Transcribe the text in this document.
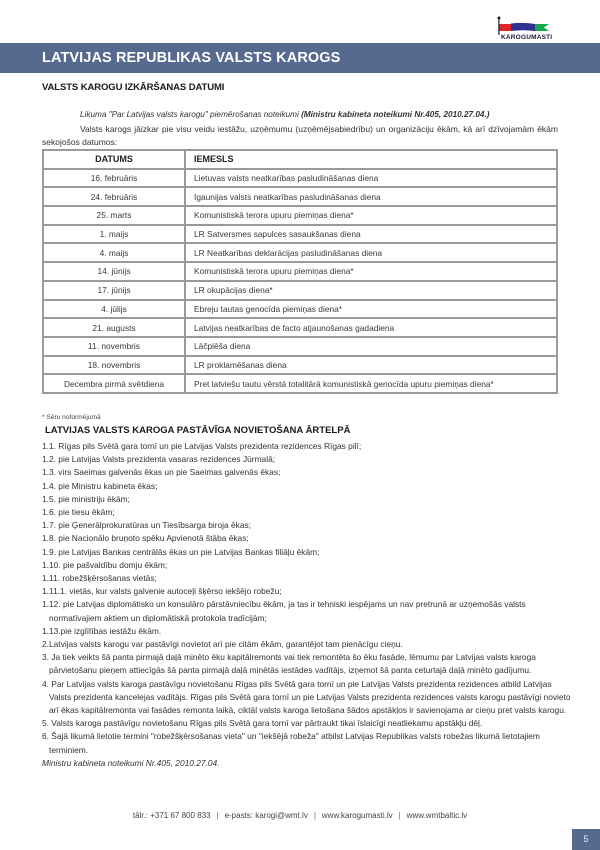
KAROGUMASTI
LATVIJAS REPUBLIKAS VALSTS KAROGS
VALSTS KAROGU IZKĀRŠANAS DATUMI
Likuma "Par Latvijas valsts karogu" piemērošanas noteikumi (Ministru kabineta noteikumi Nr.405, 2010.27.04.)
Valsts karogs jāizkar pie visu veidu iestāžu, uzņēmumu (uzņēmējsabiedrību) un organizāciju ēkām, kā arī dzīvojamām ēkām sekojošos datumos:
DATUMS	IEMESLS
16. februāris	Lietuvas valsts neatkarības pasludināšanas diena
24. februāris	Igaunijas valsts neatkarības pasludināšanas diena
25. marts	Komunistiskā terora upuru piemiņas diena*
1. maijs	LR Satversmes sapulces sasaukšanas diena
4. maijs	LR Neatkarības deklarācijas pasludināšanas diena
14. jūnijs	Komunistiskā terora upuru piemiņas diena*
17. jūnijs	LR okupācijas diena*
4. jūlijs	Ebreju tautas genocīda piemiņas diena*
21. augusts	Latvijas neatkarības de facto atjaunošanas gadadiena
11. novembris	Lāčplēša diena
18. novembris	LR proklamēšanas diena
Decembra pirmā svētdiena	Pret latviešu tautu vērstā totalitārā komunistiskā genocīda upuru piemiņas diena*
* Sēru noformējumā
LATVIJAS VALSTS KAROGA PASTĀVĪGA NOVIETOŠANA ĀRTELPĀ
1.1. Rīgas pils Svētā gara tornī un pie Latvijas Valsts prezidenta rezidences Rīgas pilī;
1.2. pie Latvijas Valsts prezidenta vasaras rezidences Jūrmalā;
1.3. virs Saeimas galvenās ēkas un pie Saeimas galvenās ēkas;
1.4. pie Ministru kabineta ēkas;
1.5. pie ministriju ēkām;
1.6. pie tiesu ēkām;
1.7. pie Ģenerālprokuratūras un Tiesībsarga biroja ēkas;
1.8. pie Nacionālo bruņoto spēku Apvienotā štāba ēkas;
1.9. pie Latvijas Bankas centrālās ēkas un pie Latvijas Bankas filiāļu ēkām;
1.10. pie pašvaldību domju ēkām;
1.11. robežšķērsošanas vietās;
1.11.1. vietās, kur valsts galvenie autoceļi šķērso iekšējo robežu;
1.12. pie Latvijas diplomātisko un konsulāro pārstāvniecību ēkām, ja tas ir tehniski iespējams un nav pretrunā ar uzņemošās valsts normatīvajiem aktiem un diplomātiskā protokola tradīcijām;
1.13.pie izglītības iestāžu ēkām.
2.Latvijas valsts karogu var pastāvīgi novietot arī pie citām ēkām, garantējot tam pienācīgu cieņu.
3. Ja tiek veikts šā panta pirmajā daļā minēto ēku kapitālremonts vai tiek remontēta šo ēku fasāde, lēmumu par Latvijas valsts karoga pārvietošanu pieņem attiecīgās šā panta pirmajā daļā minētās iestādes vadītājs, izņemot šā panta ceturtajā daļā minēto gadījumu.
4. Par Latvijas valsts karoga pastāvīgu novietošanu Rīgas pils Svētā gara tornī un pie Latvijas Valsts prezidenta rezidences atbild Latvijas Valsts prezidenta kancelejas vadītājs. Rīgas pils Svētā gara tornī un pie Latvijas Valsts prezidenta rezidences valsts karogu pastāvīgi novieto arī ēkas kapitālremonta vai fasādes remonta laikā, ciktāl valsts karoga lietošana šādos apstākļos ir savienojama ar cieņu pret valsts karogu.
5. Valsts karoga pastāvīgu novietošanu Rīgas pils Svētā gara tornī var pārtraukt tikai īslaicīgi neatliekamu apstākļu dēļ.
6. Šajā likumā lietotie termini "robežšķērsošanas vieta" un "iekšējā robeža" atbilst Latvijas Republikas valsts robežas likumā lietotajiem terminiem.
Ministru kabineta noteikumi Nr.405, 2010.27.04.
tālr.: +371 67 800 833 | e-pasts: karogi@wmt.lv | www.karogumasti.lv | www.wmtbaltic.lv
5
